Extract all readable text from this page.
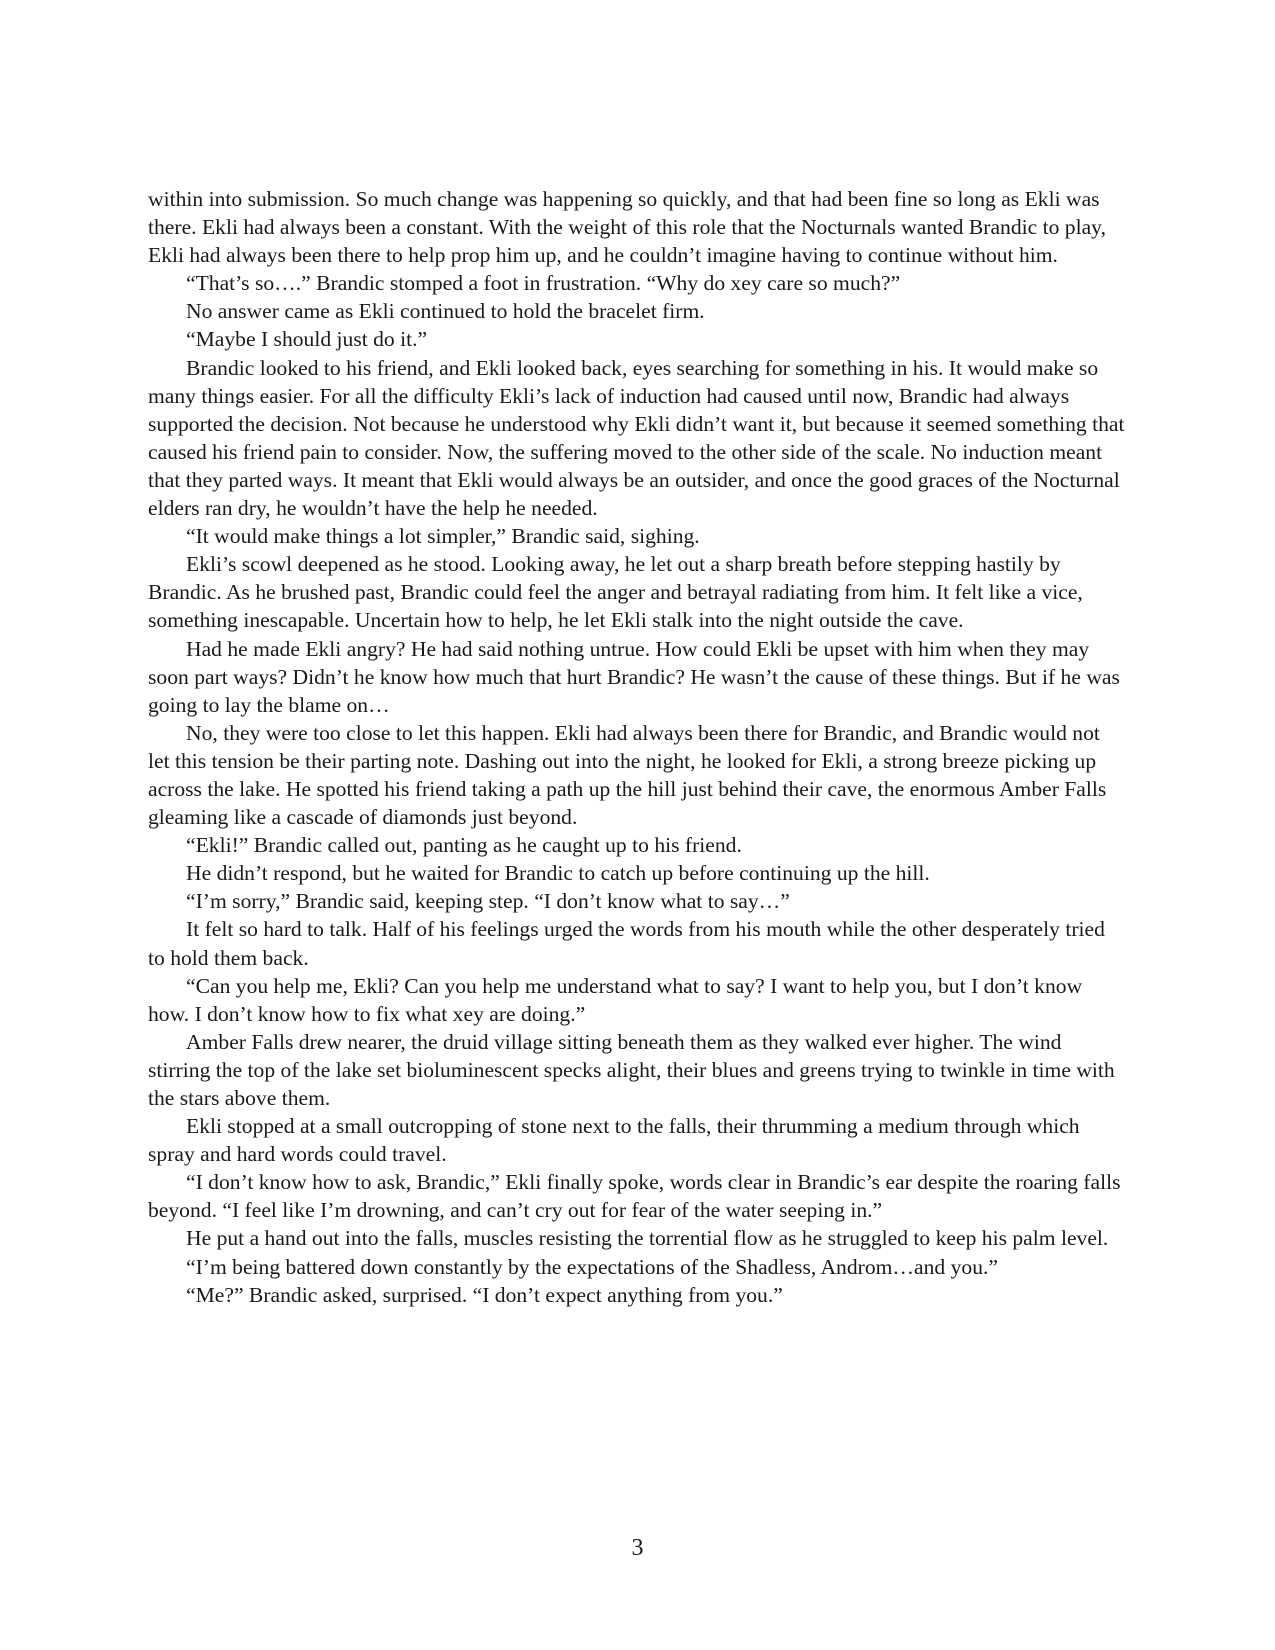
within into submission. So much change was happening so quickly, and that had been fine so long as Ekli was there. Ekli had always been a constant. With the weight of this role that the Nocturnals wanted Brandic to play, Ekli had always been there to help prop him up, and he couldn’t imagine having to continue without him.

“That’s so….” Brandic stomped a foot in frustration. “Why do xey care so much?”

No answer came as Ekli continued to hold the bracelet firm.

“Maybe I should just do it.”

Brandic looked to his friend, and Ekli looked back, eyes searching for something in his. It would make so many things easier. For all the difficulty Ekli’s lack of induction had caused until now, Brandic had always supported the decision. Not because he understood why Ekli didn’t want it, but because it seemed something that caused his friend pain to consider. Now, the suffering moved to the other side of the scale. No induction meant that they parted ways. It meant that Ekli would always be an outsider, and once the good graces of the Nocturnal elders ran dry, he wouldn’t have the help he needed.

“It would make things a lot simpler,” Brandic said, sighing.

Ekli’s scowl deepened as he stood. Looking away, he let out a sharp breath before stepping hastily by Brandic. As he brushed past, Brandic could feel the anger and betrayal radiating from him. It felt like a vice, something inescapable. Uncertain how to help, he let Ekli stalk into the night outside the cave.

Had he made Ekli angry? He had said nothing untrue. How could Ekli be upset with him when they may soon part ways? Didn’t he know how much that hurt Brandic? He wasn’t the cause of these things. But if he was going to lay the blame on…

No, they were too close to let this happen. Ekli had always been there for Brandic, and Brandic would not let this tension be their parting note. Dashing out into the night, he looked for Ekli, a strong breeze picking up across the lake. He spotted his friend taking a path up the hill just behind their cave, the enormous Amber Falls gleaming like a cascade of diamonds just beyond.

“Ekli!” Brandic called out, panting as he caught up to his friend.

He didn’t respond, but he waited for Brandic to catch up before continuing up the hill.

“I’m sorry,” Brandic said, keeping step. “I don’t know what to say…”

It felt so hard to talk. Half of his feelings urged the words from his mouth while the other desperately tried to hold them back.

“Can you help me, Ekli? Can you help me understand what to say? I want to help you, but I don’t know how. I don’t know how to fix what xey are doing.”

Amber Falls drew nearer, the druid village sitting beneath them as they walked ever higher. The wind stirring the top of the lake set bioluminescent specks alight, their blues and greens trying to twinkle in time with the stars above them.

Ekli stopped at a small outcropping of stone next to the falls, their thrumming a medium through which spray and hard words could travel.

“I don’t know how to ask, Brandic,” Ekli finally spoke, words clear in Brandic’s ear despite the roaring falls beyond. “I feel like I’m drowning, and can’t cry out for fear of the water seeping in.”

He put a hand out into the falls, muscles resisting the torrential flow as he struggled to keep his palm level.

“I’m being battered down constantly by the expectations of the Shadless, Androm…and you.”

“Me?” Brandic asked, surprised. “I don’t expect anything from you.”

3
